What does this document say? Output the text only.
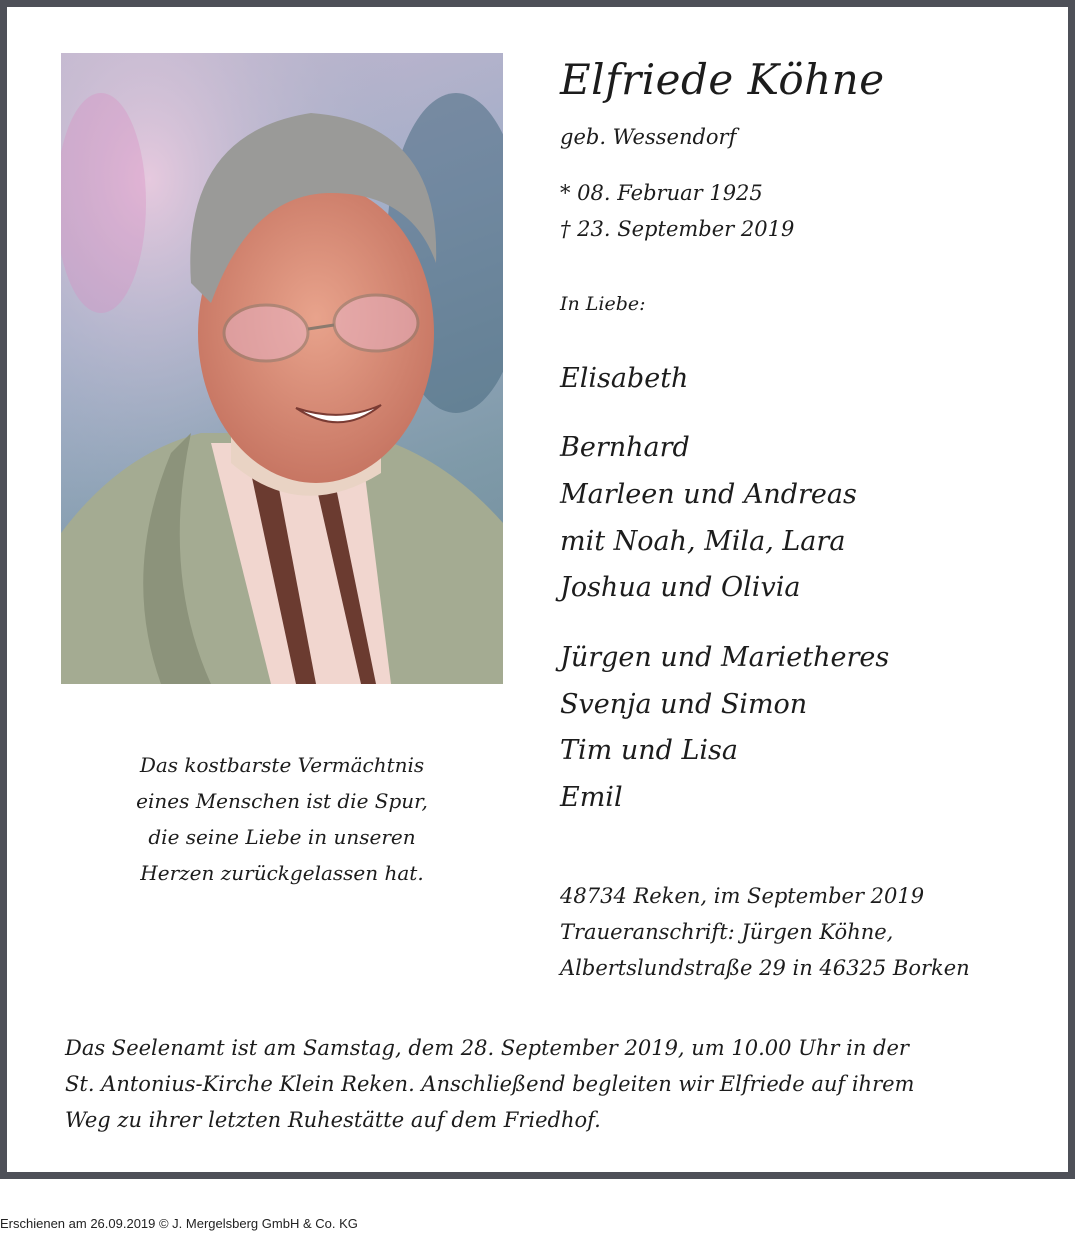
Elfriede Köhne
geb. Wessendorf
* 08. Februar 1925
† 23. September 2019
In Liebe:
Elisabeth
Bernhard
Marleen und Andreas
mit Noah, Mila, Lara
Joshua und Olivia
Jürgen und Marietheres
Svenja und Simon
Tim und Lisa
Emil
Das kostbarste Vermächtnis
eines Menschen ist die Spur,
die seine Liebe in unseren
Herzen zurückgelassen hat.
48734 Reken, im September 2019
Traueranschrift: Jürgen Köhne,
Albertslundstraße 29 in 46325 Borken
Das Seelenamt ist am Samstag, dem 28. September 2019, um 10.00 Uhr in der
St. Antonius-Kirche Klein Reken. Anschließend begleiten wir Elfriede auf ihrem
Weg zu ihrer letzten Ruhestätte auf dem Friedhof.
Erschienen am 26.09.2019 © J. Mergelsberg GmbH & Co. KG
